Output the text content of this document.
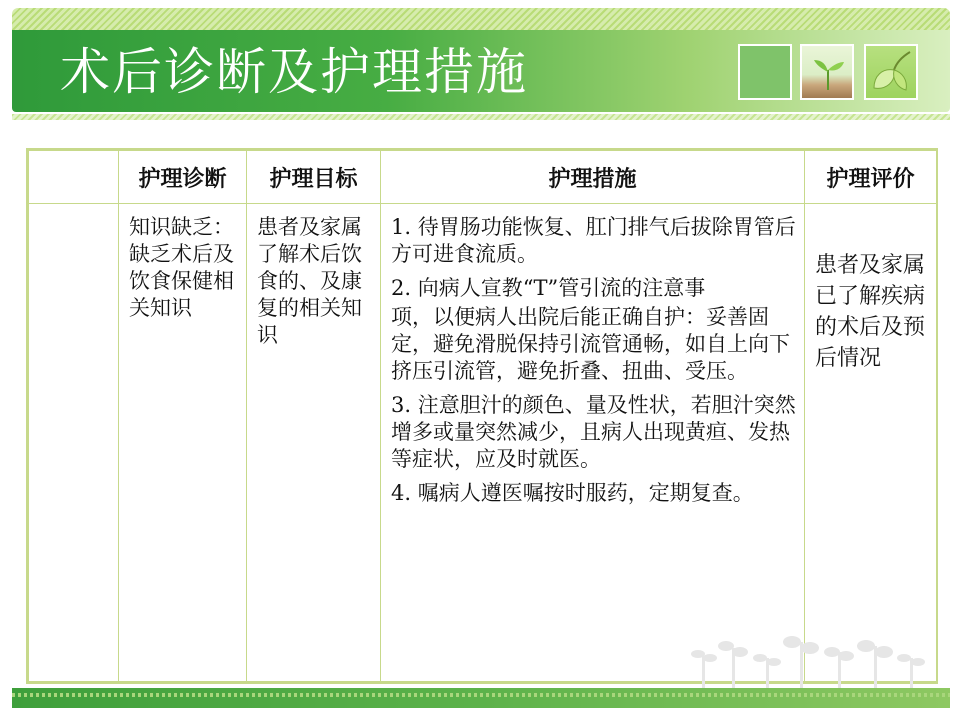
术后诊断及护理措施
	护理诊断	护理目标	护理措施	护理评价
	知识缺乏：缺乏术后及饮食保健相关知识	患者及家属了解术后饮食的、及康复的相关知识	1. 待胃肠功能恢复、肛门排气后拔除胃管后方可进食流质。

2. 向病人宣教“T”管引流的注意事

项，以便病人出院后能正确自护：妥善固定，避免滑脱保持引流管通畅，如自上向下挤压引流管，避免折叠、扭曲、受压。

3. 注意胆汁的颜色、量及性状，若胆汁突然增多或量突然减少，且病人出现黄疸、发热等症状，应及时就医。

4. 嘱病人遵医嘱按时服药，定期复查。	患者及家属已了解疾病的术后及预后情况
